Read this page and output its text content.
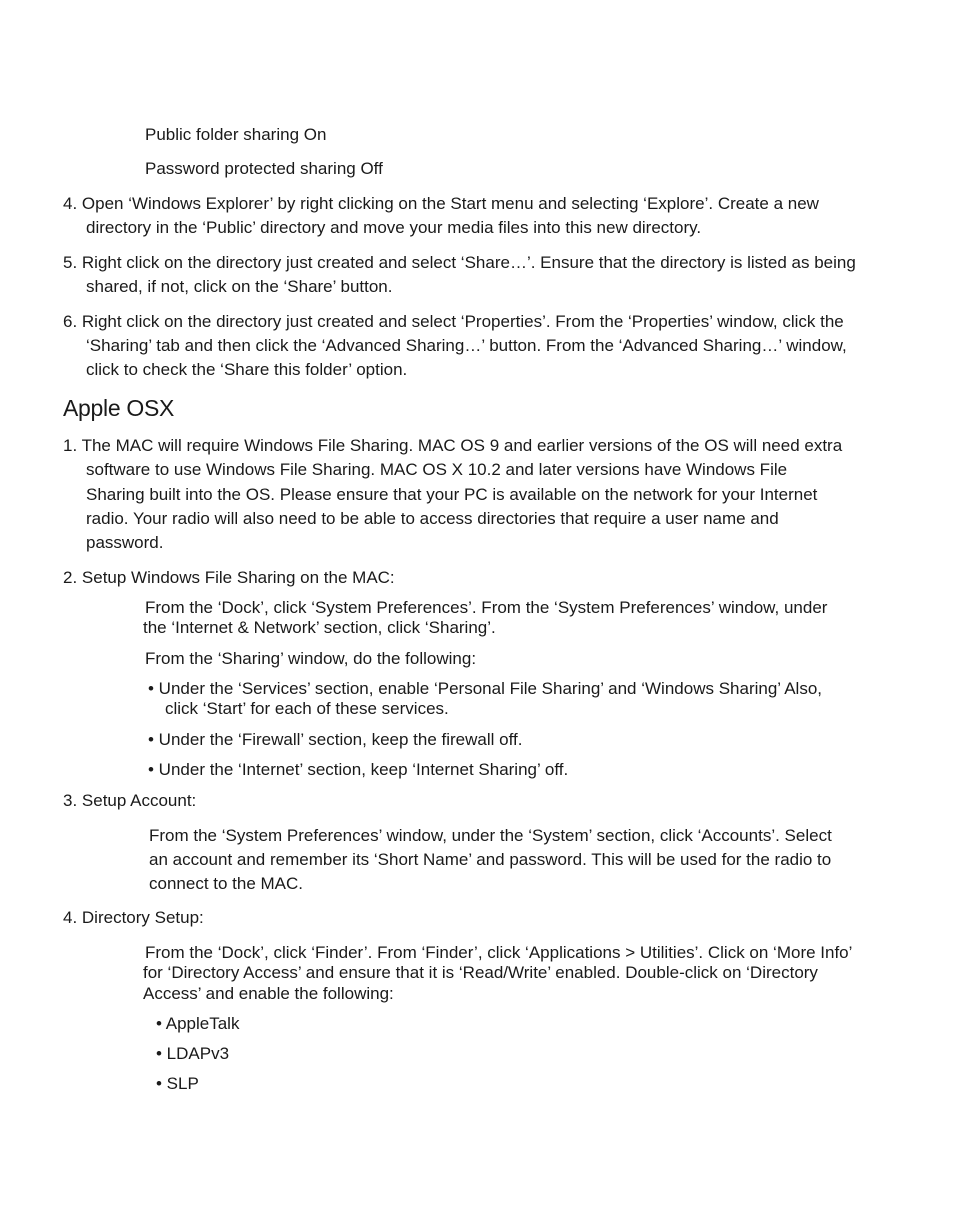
Public folder sharing On
Password protected sharing Off
4. Open ‘Windows Explorer’ by right clicking on the Start menu and selecting ‘Explore’. Create a new
directory in the ‘Public’ directory and move your media files into this new directory.
5. Right click on the directory just created and select ‘Share…’. Ensure that the directory is listed as being
shared, if not, click on the ‘Share’ button.
6. Right click on the directory just created and select ‘Properties’. From the ‘Properties’ window, click the
‘Sharing’ tab and then click the ‘Advanced Sharing…’ button. From the ‘Advanced Sharing…’ window,
click to check the ‘Share this folder’ option.
Apple OSX
1. The MAC will require Windows File Sharing. MAC OS 9 and earlier versions of the OS will need extra
software to use Windows File Sharing. MAC OS X 10.2 and later versions have Windows File
Sharing built into the OS. Please ensure that your PC is available on the network for your Internet
radio. Your radio will also need to be able to access directories that require a user name and
password.
2. Setup Windows File Sharing on the MAC:
From the ‘Dock’, click ‘System Preferences’. From the ‘System Preferences’ window, under
the ‘Internet & Network’ section, click ‘Sharing’.
From the ‘Sharing’ window, do the following:
• Under the ‘Services’ section, enable ‘Personal File Sharing’ and ‘Windows Sharing’ Also,
click ‘Start’ for each of these services.
• Under the ‘Firewall’ section, keep the firewall off.
• Under the ‘Internet’ section, keep ‘Internet Sharing’ off.
3. Setup Account:
From the ‘System Preferences’ window, under the ‘System’ section, click ‘Accounts’. Select
an account and remember its ‘Short Name’ and password. This will be used for the radio to
connect to the MAC.
4. Directory Setup:
From the ‘Dock’, click ‘Finder’. From ‘Finder’, click ‘Applications > Utilities’. Click on ‘More Info’
for ‘Directory Access’ and ensure that it is ‘Read/Write’ enabled. Double-click on ‘Directory
Access’ and enable the following:
• AppleTalk
• LDAPv3
• SLP
